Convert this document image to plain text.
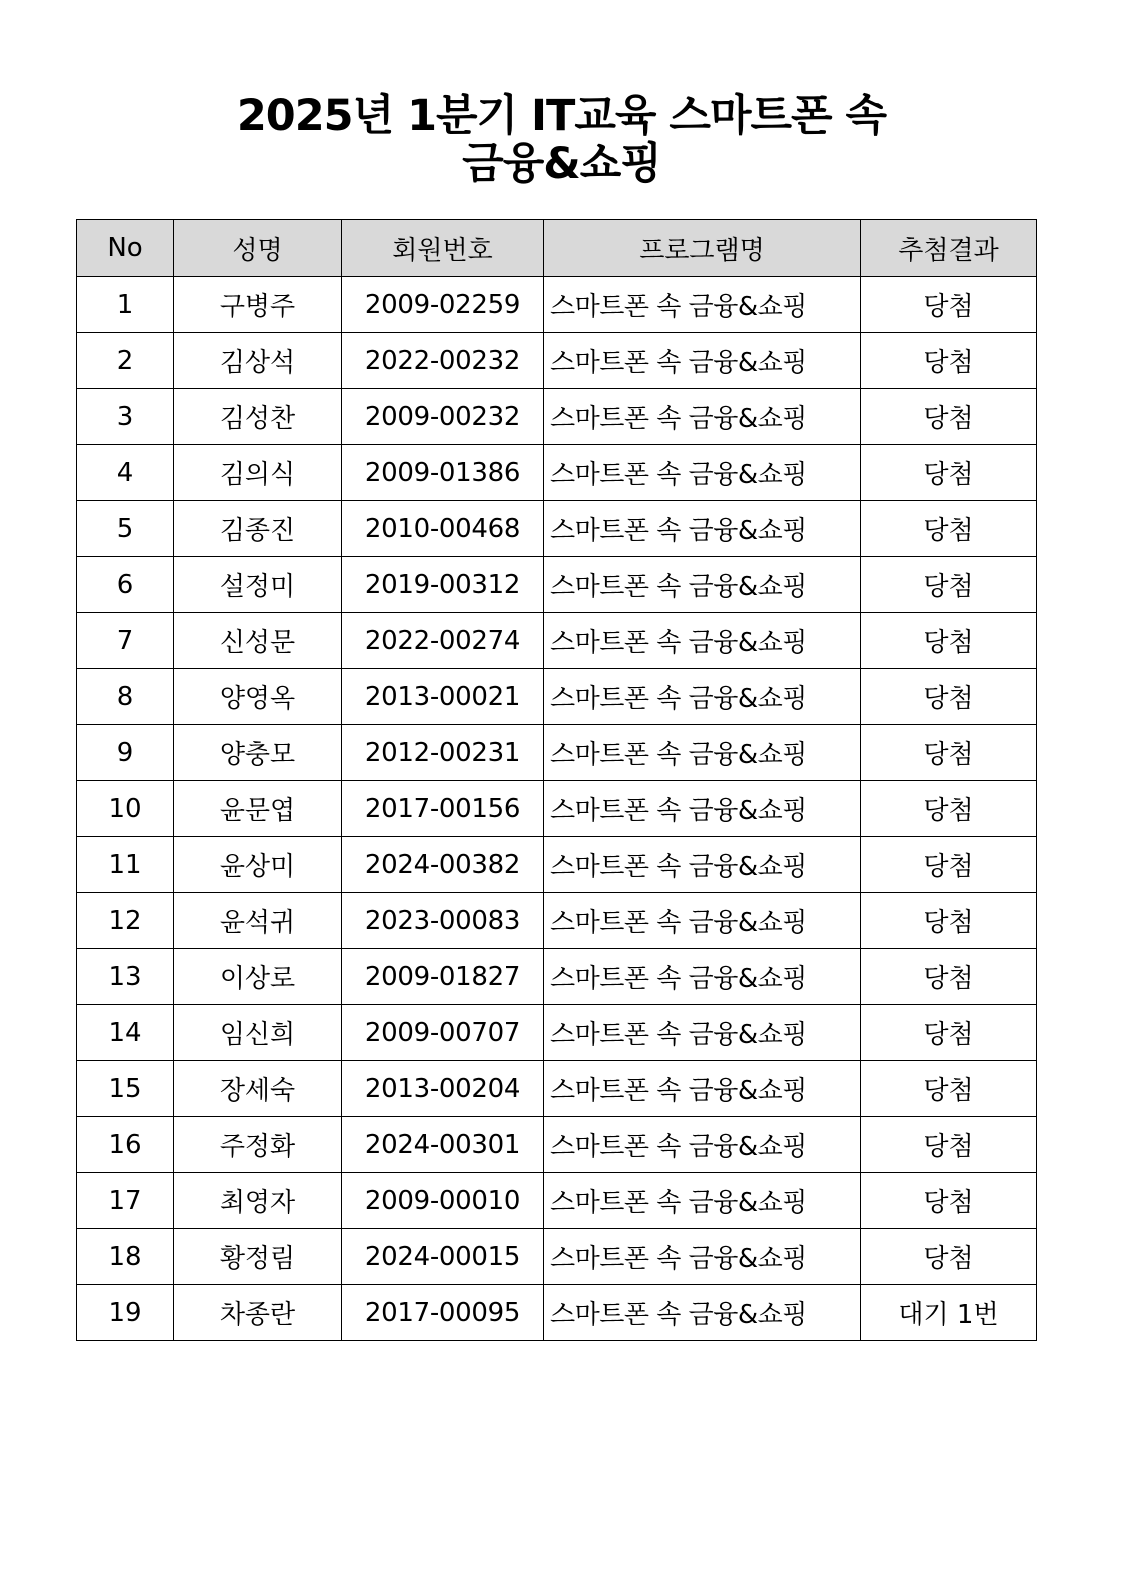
2025년 1분기 IT교육 스마트폰 속
금융&쇼핑
No	성명	회원번호	프로그램명	추첨결과
1	구병주	2009-02259	스마트폰 속 금융&쇼핑	당첨
2	김상석	2022-00232	스마트폰 속 금융&쇼핑	당첨
3	김성찬	2009-00232	스마트폰 속 금융&쇼핑	당첨
4	김의식	2009-01386	스마트폰 속 금융&쇼핑	당첨
5	김종진	2010-00468	스마트폰 속 금융&쇼핑	당첨
6	설정미	2019-00312	스마트폰 속 금융&쇼핑	당첨
7	신성문	2022-00274	스마트폰 속 금융&쇼핑	당첨
8	양영옥	2013-00021	스마트폰 속 금융&쇼핑	당첨
9	양충모	2012-00231	스마트폰 속 금융&쇼핑	당첨
10	윤문엽	2017-00156	스마트폰 속 금융&쇼핑	당첨
11	윤상미	2024-00382	스마트폰 속 금융&쇼핑	당첨
12	윤석귀	2023-00083	스마트폰 속 금융&쇼핑	당첨
13	이상로	2009-01827	스마트폰 속 금융&쇼핑	당첨
14	임신희	2009-00707	스마트폰 속 금융&쇼핑	당첨
15	장세숙	2013-00204	스마트폰 속 금융&쇼핑	당첨
16	주정화	2024-00301	스마트폰 속 금융&쇼핑	당첨
17	최영자	2009-00010	스마트폰 속 금융&쇼핑	당첨
18	황정림	2024-00015	스마트폰 속 금융&쇼핑	당첨
19	차종란	2017-00095	스마트폰 속 금융&쇼핑	대기 1번
